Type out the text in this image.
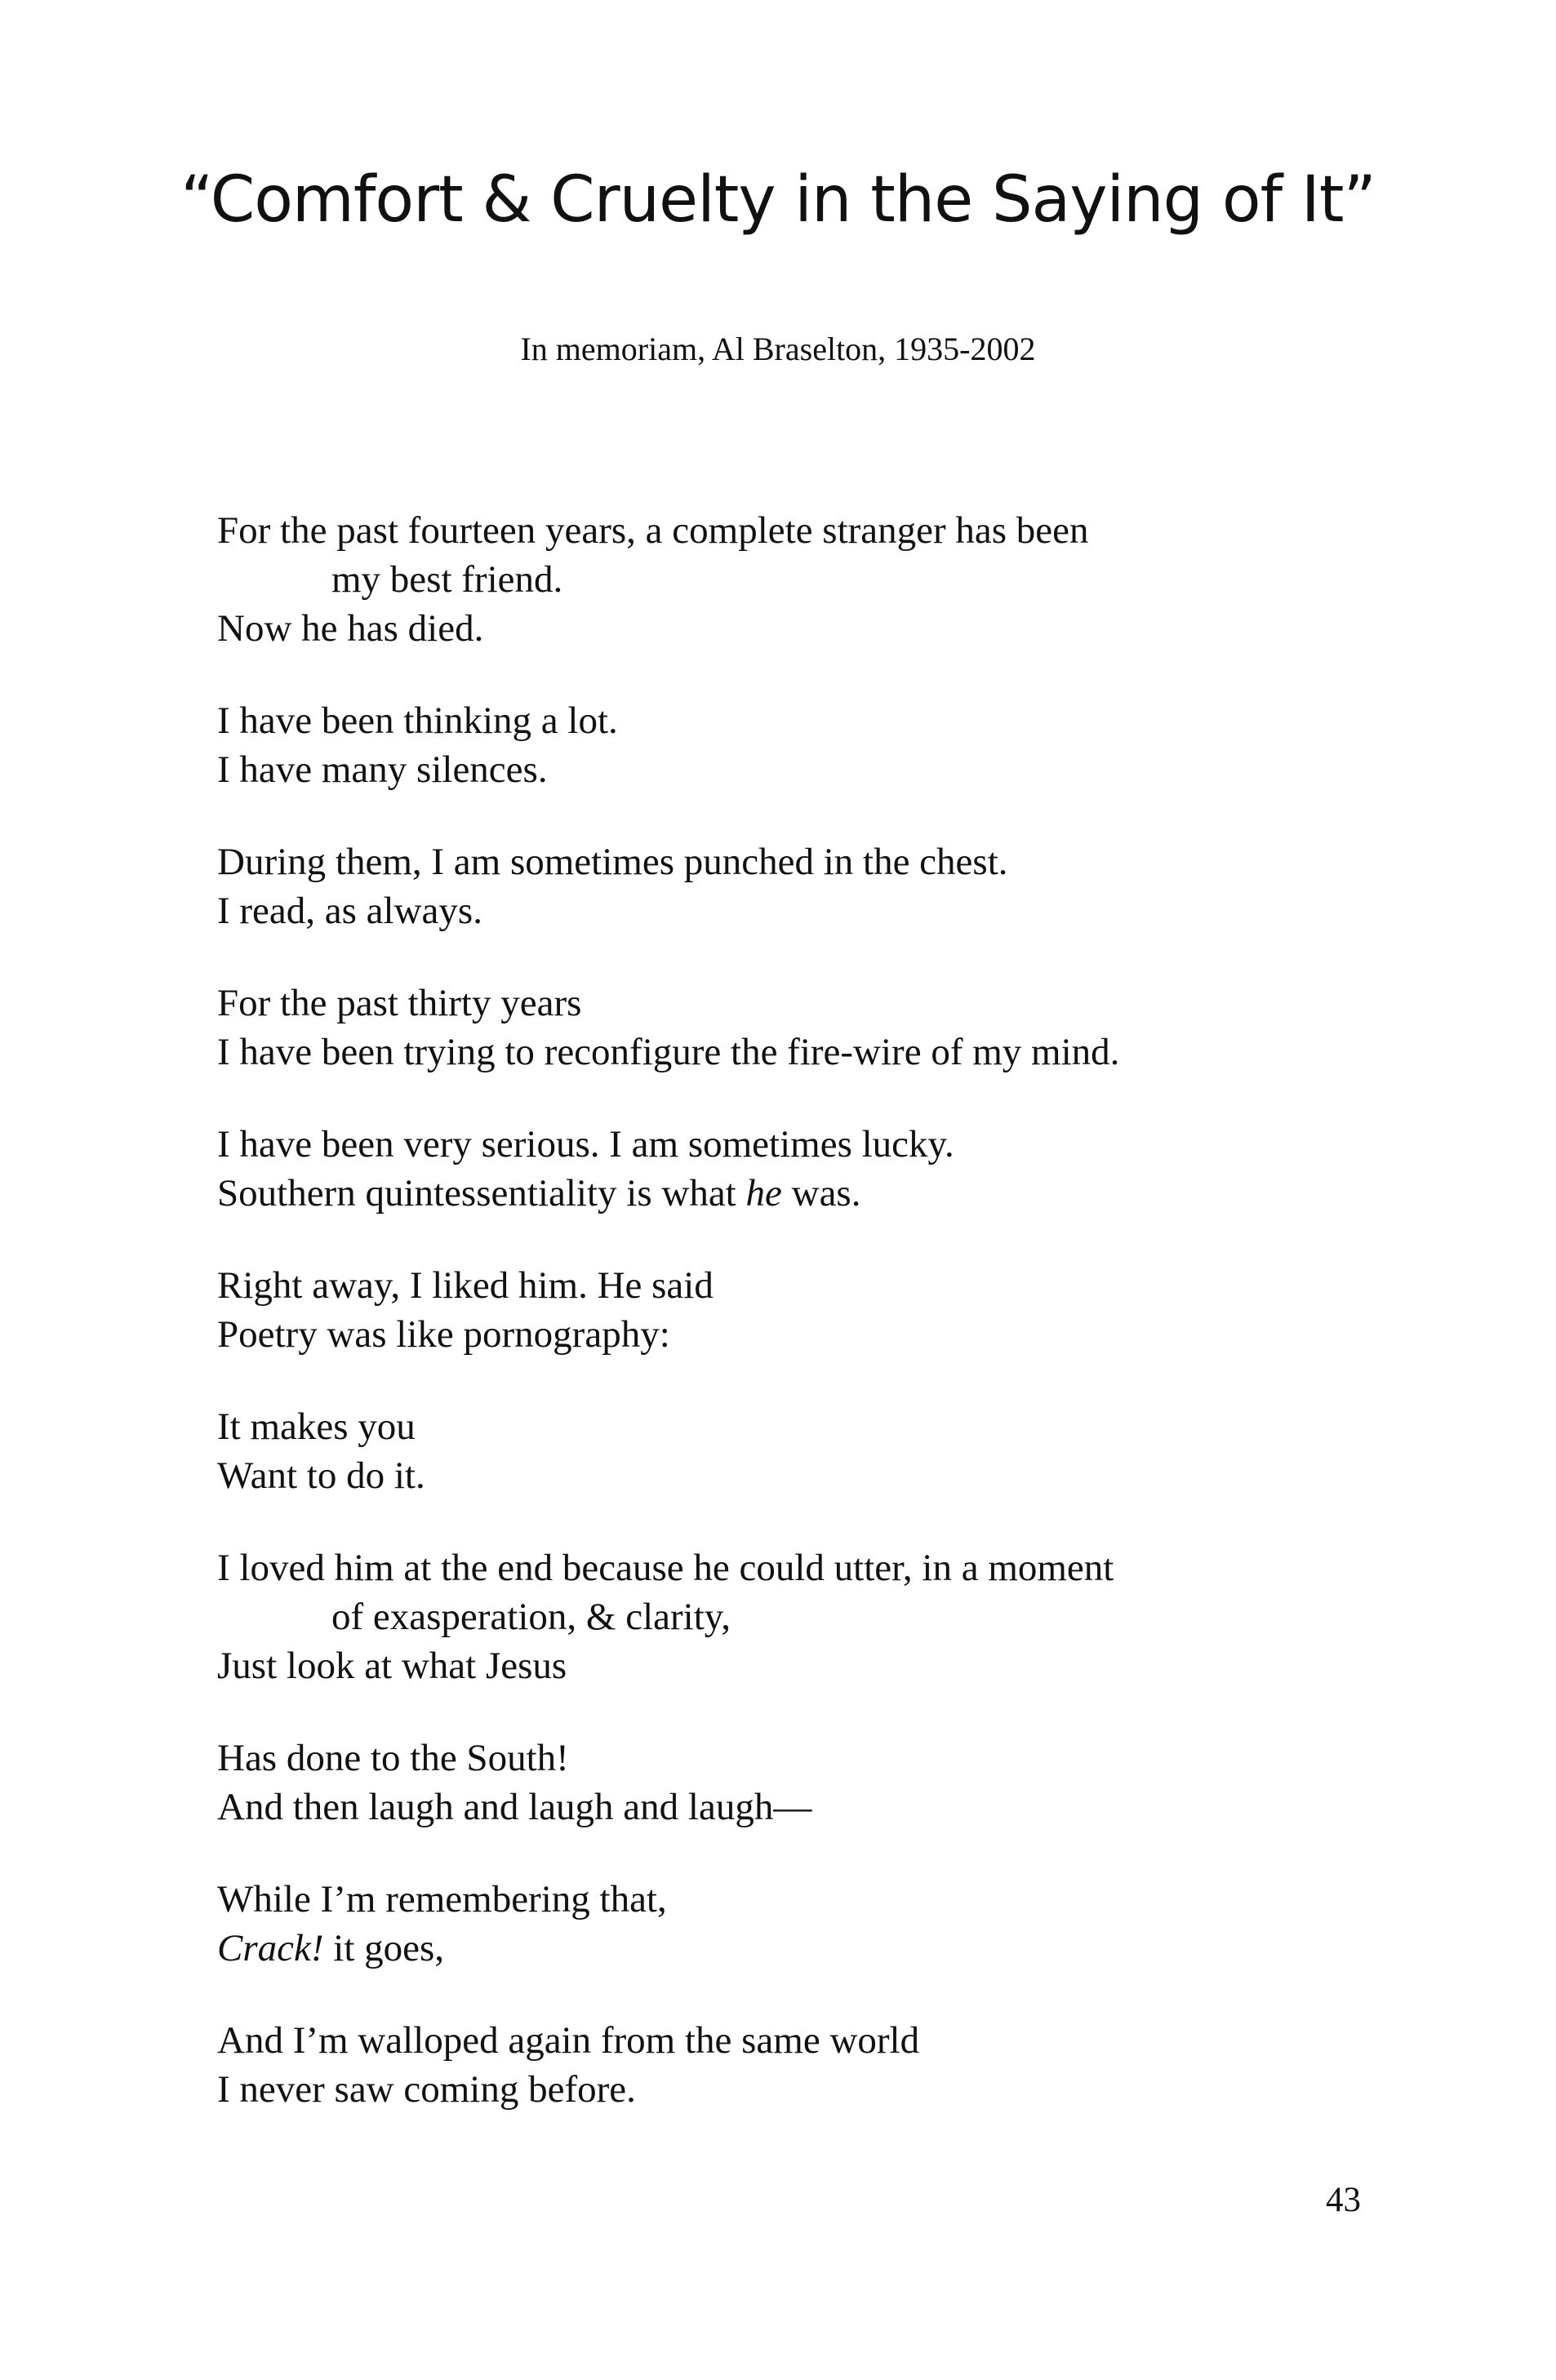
“Comfort & Cruelty in the Saying of It”
In memoriam, Al Braselton, 1935-2002
For the past fourteen years, a complete stranger has been
my best friend.
Now he has died.
I have been thinking a lot.
I have many silences.
During them, I am sometimes punched in the chest.
I read, as always.
For the past thirty years
I have been trying to reconfigure the fire-wire of my mind.
I have been very serious. I am sometimes lucky.
Southern quintessentiality is what he was.
Right away, I liked him. He said
Poetry was like pornography:
It makes you
Want to do it.
I loved him at the end because he could utter, in a moment
of exasperation, & clarity,
Just look at what Jesus
Has done to the South!
And then laugh and laugh and laugh—
While I’m remembering that,
Crack! it goes,
And I’m walloped again from the same world
I never saw coming before.
43
